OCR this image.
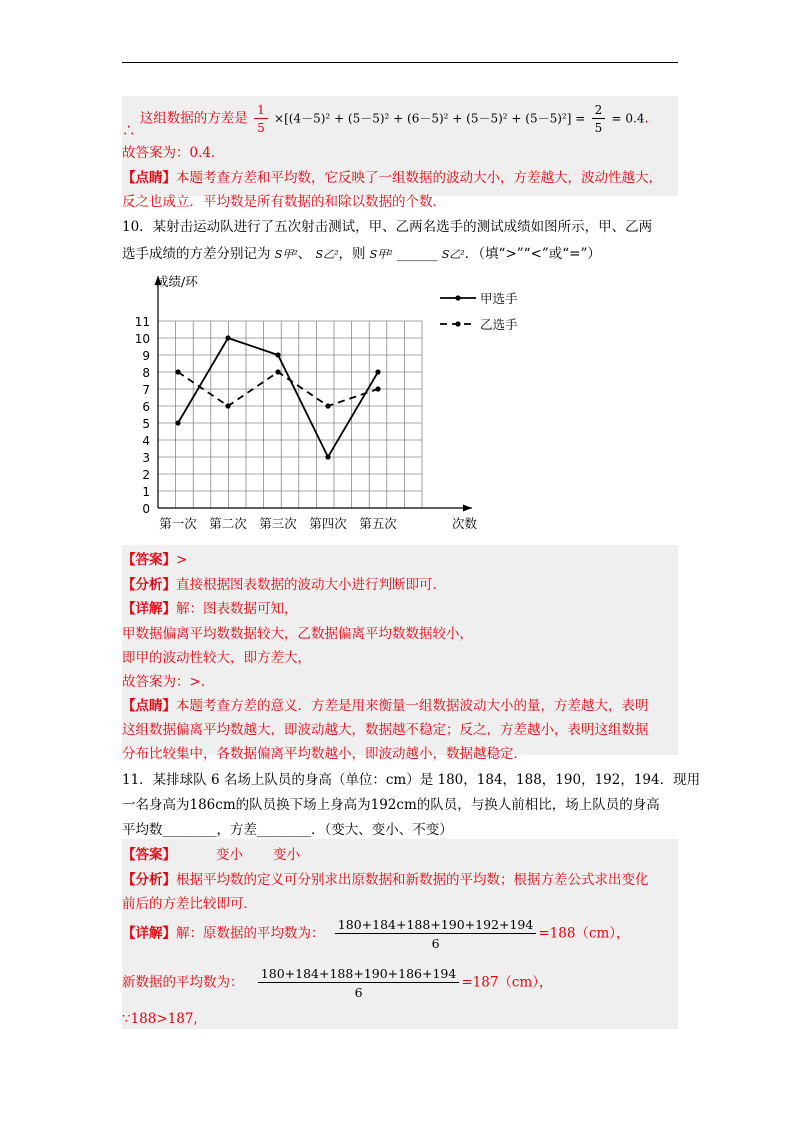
∴ 这组数据的方差是 $\frac{1}{5} \times[(4-5)^2 + (5-5)^2 + (6-5)^2 + (5-5)^2 + (5-5)^2] = \frac{2}{5} = 0.4$.
故答案为：0.4．
【点睛】本题考查方差和平均数，它反映了一组数据的波动大小，方差越大，波动性越大，
反之也成立．平均数是所有数据的和除以数据的个数．
10．某射击运动队进行了五次射击测试，甲、乙两名选手的测试成绩如图所示，甲、乙两
选手成绩的方差分别记为 S甲²、 S乙²，则 S甲² ______ S乙²．（填“>”“<”或“=”）
0
1
2
3
4
5
6
7
8
9
10
11
成绩/环
次数
第一次 第二次 第三次 第四次 第五次
甲选手
乙选手
【答案】>
【分析】直接根据图表数据的波动大小进行判断即可．
【详解】解：图表数据可知，
甲数据偏离平均数数据较大，乙数据偏离平均数数据较小，
即甲的波动性较大，即方差大，
故答案为：>．
【点睛】本题考查方差的意义．方差是用来衡量一组数据波动大小的量，方差越大，表明
这组数据偏离平均数越大，即波动越大，数据越不稳定；反之，方差越小，表明这组数据
分布比较集中，各数据偏离平均数越小，即波动越小，数据越稳定．
11．某排球队 6 名场上队员的身高（单位：cm）是 180，184，188，190，192，194．现用
一名身高为186cm的队员换下场上身高为192cm的队员，与换人前相比，场上队员的身高
平均数________，方差________．（变大、变小、不变）
【答案】	变小 变小
【分析】根据平均数的定义可分别求出原数据和新数据的平均数；根据方差公式求出变化
前后的方差比较即可．
【详解】解：原数据的平均数为： $\frac{180+184+188+190+192+194}{6} =188(cm)$，
新数据的平均数为： $\frac{180+184+188+190+186+194}{6} =187(cm)$，
∵188>187,
